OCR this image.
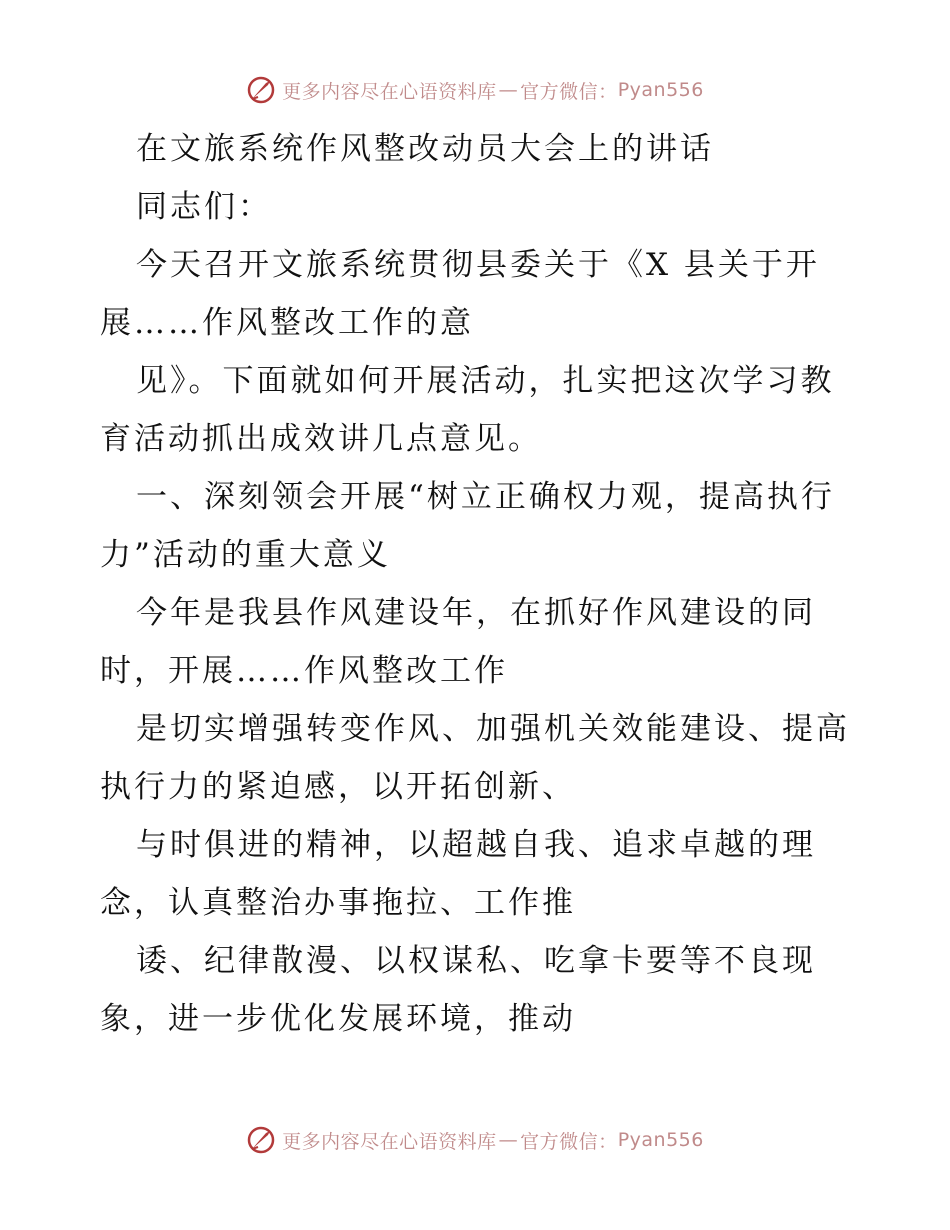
更多内容尽在心语资料库 — 官方微信： Pyan556
在文旅系统作风整改动员大会上的讲话
同志们：
今天召开文旅系统贯彻县委关于《X 县关于开
展……作风整改工作的意
见》。下面就如何开展活动，扎实把这次学习教
育活动抓出成效讲几点意见。
一、深刻领会开展“树立正确权力观，提高执行
力”活动的重大意义
今年是我县作风建设年，在抓好作风建设的同
时，开展……作风整改工作
是切实增强转变作风、加强机关效能建设、提高
执行力的紧迫感，以开拓创新、
与时俱进的精神，以超越自我、追求卓越的理
念，认真整治办事拖拉、工作推
诿、纪律散漫、以权谋私、吃拿卡要等不良现
象，进一步优化发展环境，推动
更多内容尽在心语资料库 — 官方微信： Pyan556
